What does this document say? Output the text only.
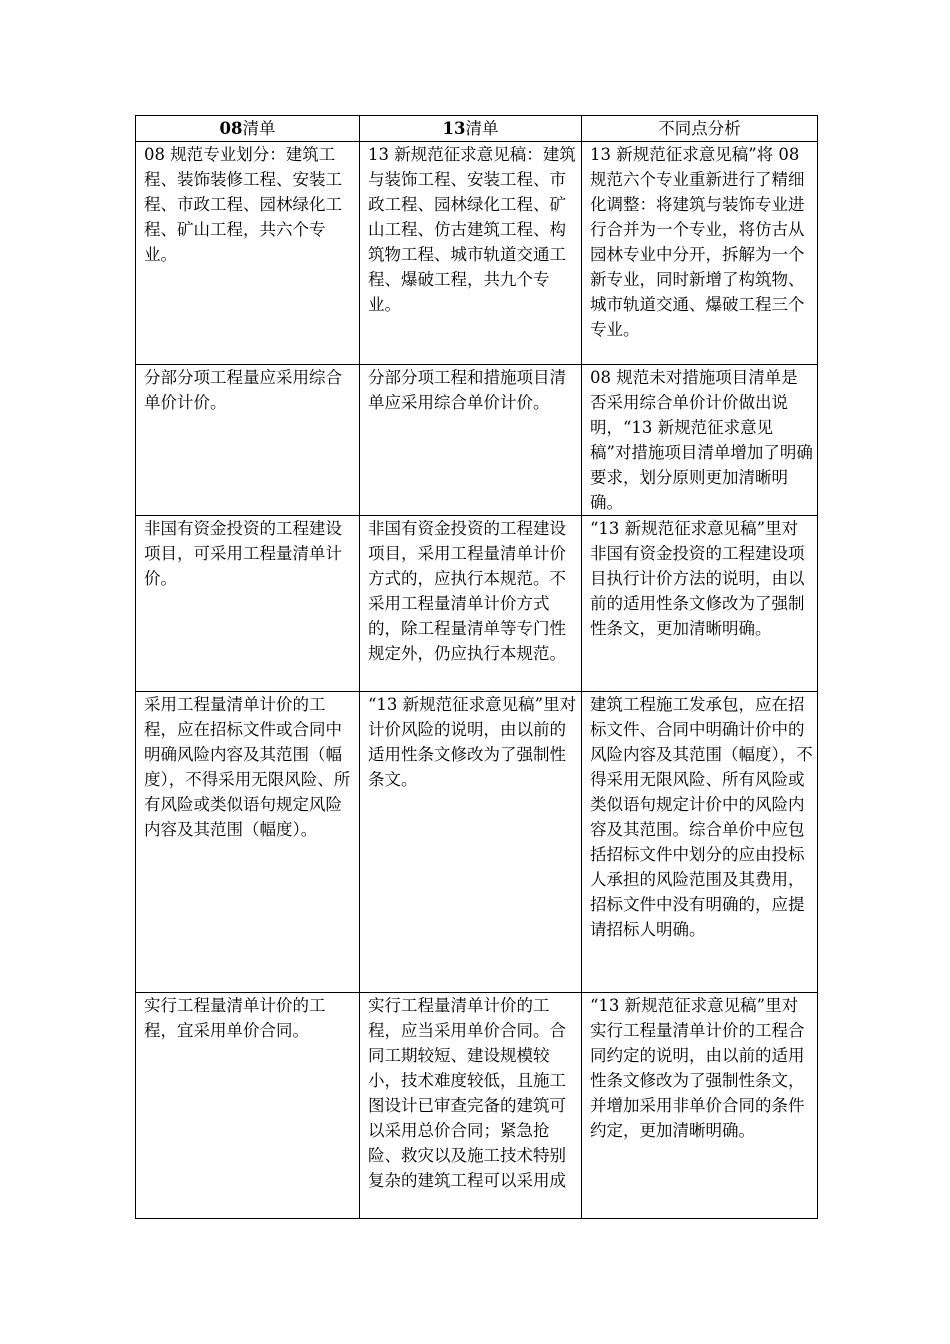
08清单	13清单	不同点分析
08 规范专业划分：建筑工程、装饰装修工程、安装工程、市政工程、园林绿化工程、矿山工程，共六个专业。	13 新规范征求意见稿：建筑与装饰工程、安装工程、市政工程、园林绿化工程、矿山工程、仿古建筑工程、构筑物工程、城市轨道交通工程、爆破工程，共九个专业。	13 新规范征求意见稿”将 08 规范六个专业重新进行了精细化调整：将建筑与装饰专业进行合并为一个专业，将仿古从园林专业中分开，拆解为一个新专业，同时新增了构筑物、城市轨道交通、爆破工程三个专业。
分部分项工程量应采用综合单价计价。	分部分项工程和措施项目清单应采用综合单价计价。	08 规范未对措施项目清单是否采用综合单价计价做出说明，“13 新规范征求意见稿”对措施项目清单增加了明确要求，划分原则更加清晰明确。
非国有资金投资的工程建设项目，可采用工程量清单计价。	非国有资金投资的工程建设项目，采用工程量清单计价方式的，应执行本规范。不采用工程量清单计价方式的，除工程量清单等专门性规定外，仍应执行本规范。	“13 新规范征求意见稿”里对非国有资金投资的工程建设项目执行计价方法的说明，由以前的适用性条文修改为了强制性条文，更加清晰明确。
采用工程量清单计价的工程，应在招标文件或合同中明确风险内容及其范围（幅度），不得采用无限风险、所有风险或类似语句规定风险内容及其范围（幅度）。	“13 新规范征求意见稿”里对计价风险的说明，由以前的适用性条文修改为了强制性条文。	建筑工程施工发承包，应在招标文件、合同中明确计价中的风险内容及其范围（幅度），不得采用无限风险、所有风险或类似语句规定计价中的风险内容及其范围。综合单价中应包括招标文件中划分的应由投标人承担的风险范围及其费用，招标文件中没有明确的，应提请招标人明确。
实行工程量清单计价的工程，宜采用单价合同。	实行工程量清单计价的工程，应当采用单价合同。合同工期较短、建设规模较小，技术难度较低，且施工图设计已审查完备的建筑可以采用总价合同；紧急抢险、救灾以及施工技术特别复杂的建筑工程可以采用成	“13 新规范征求意见稿”里对实行工程量清单计价的工程合同约定的说明，由以前的适用性条文修改为了强制性条文，并增加采用非单价合同的条件约定，更加清晰明确。
